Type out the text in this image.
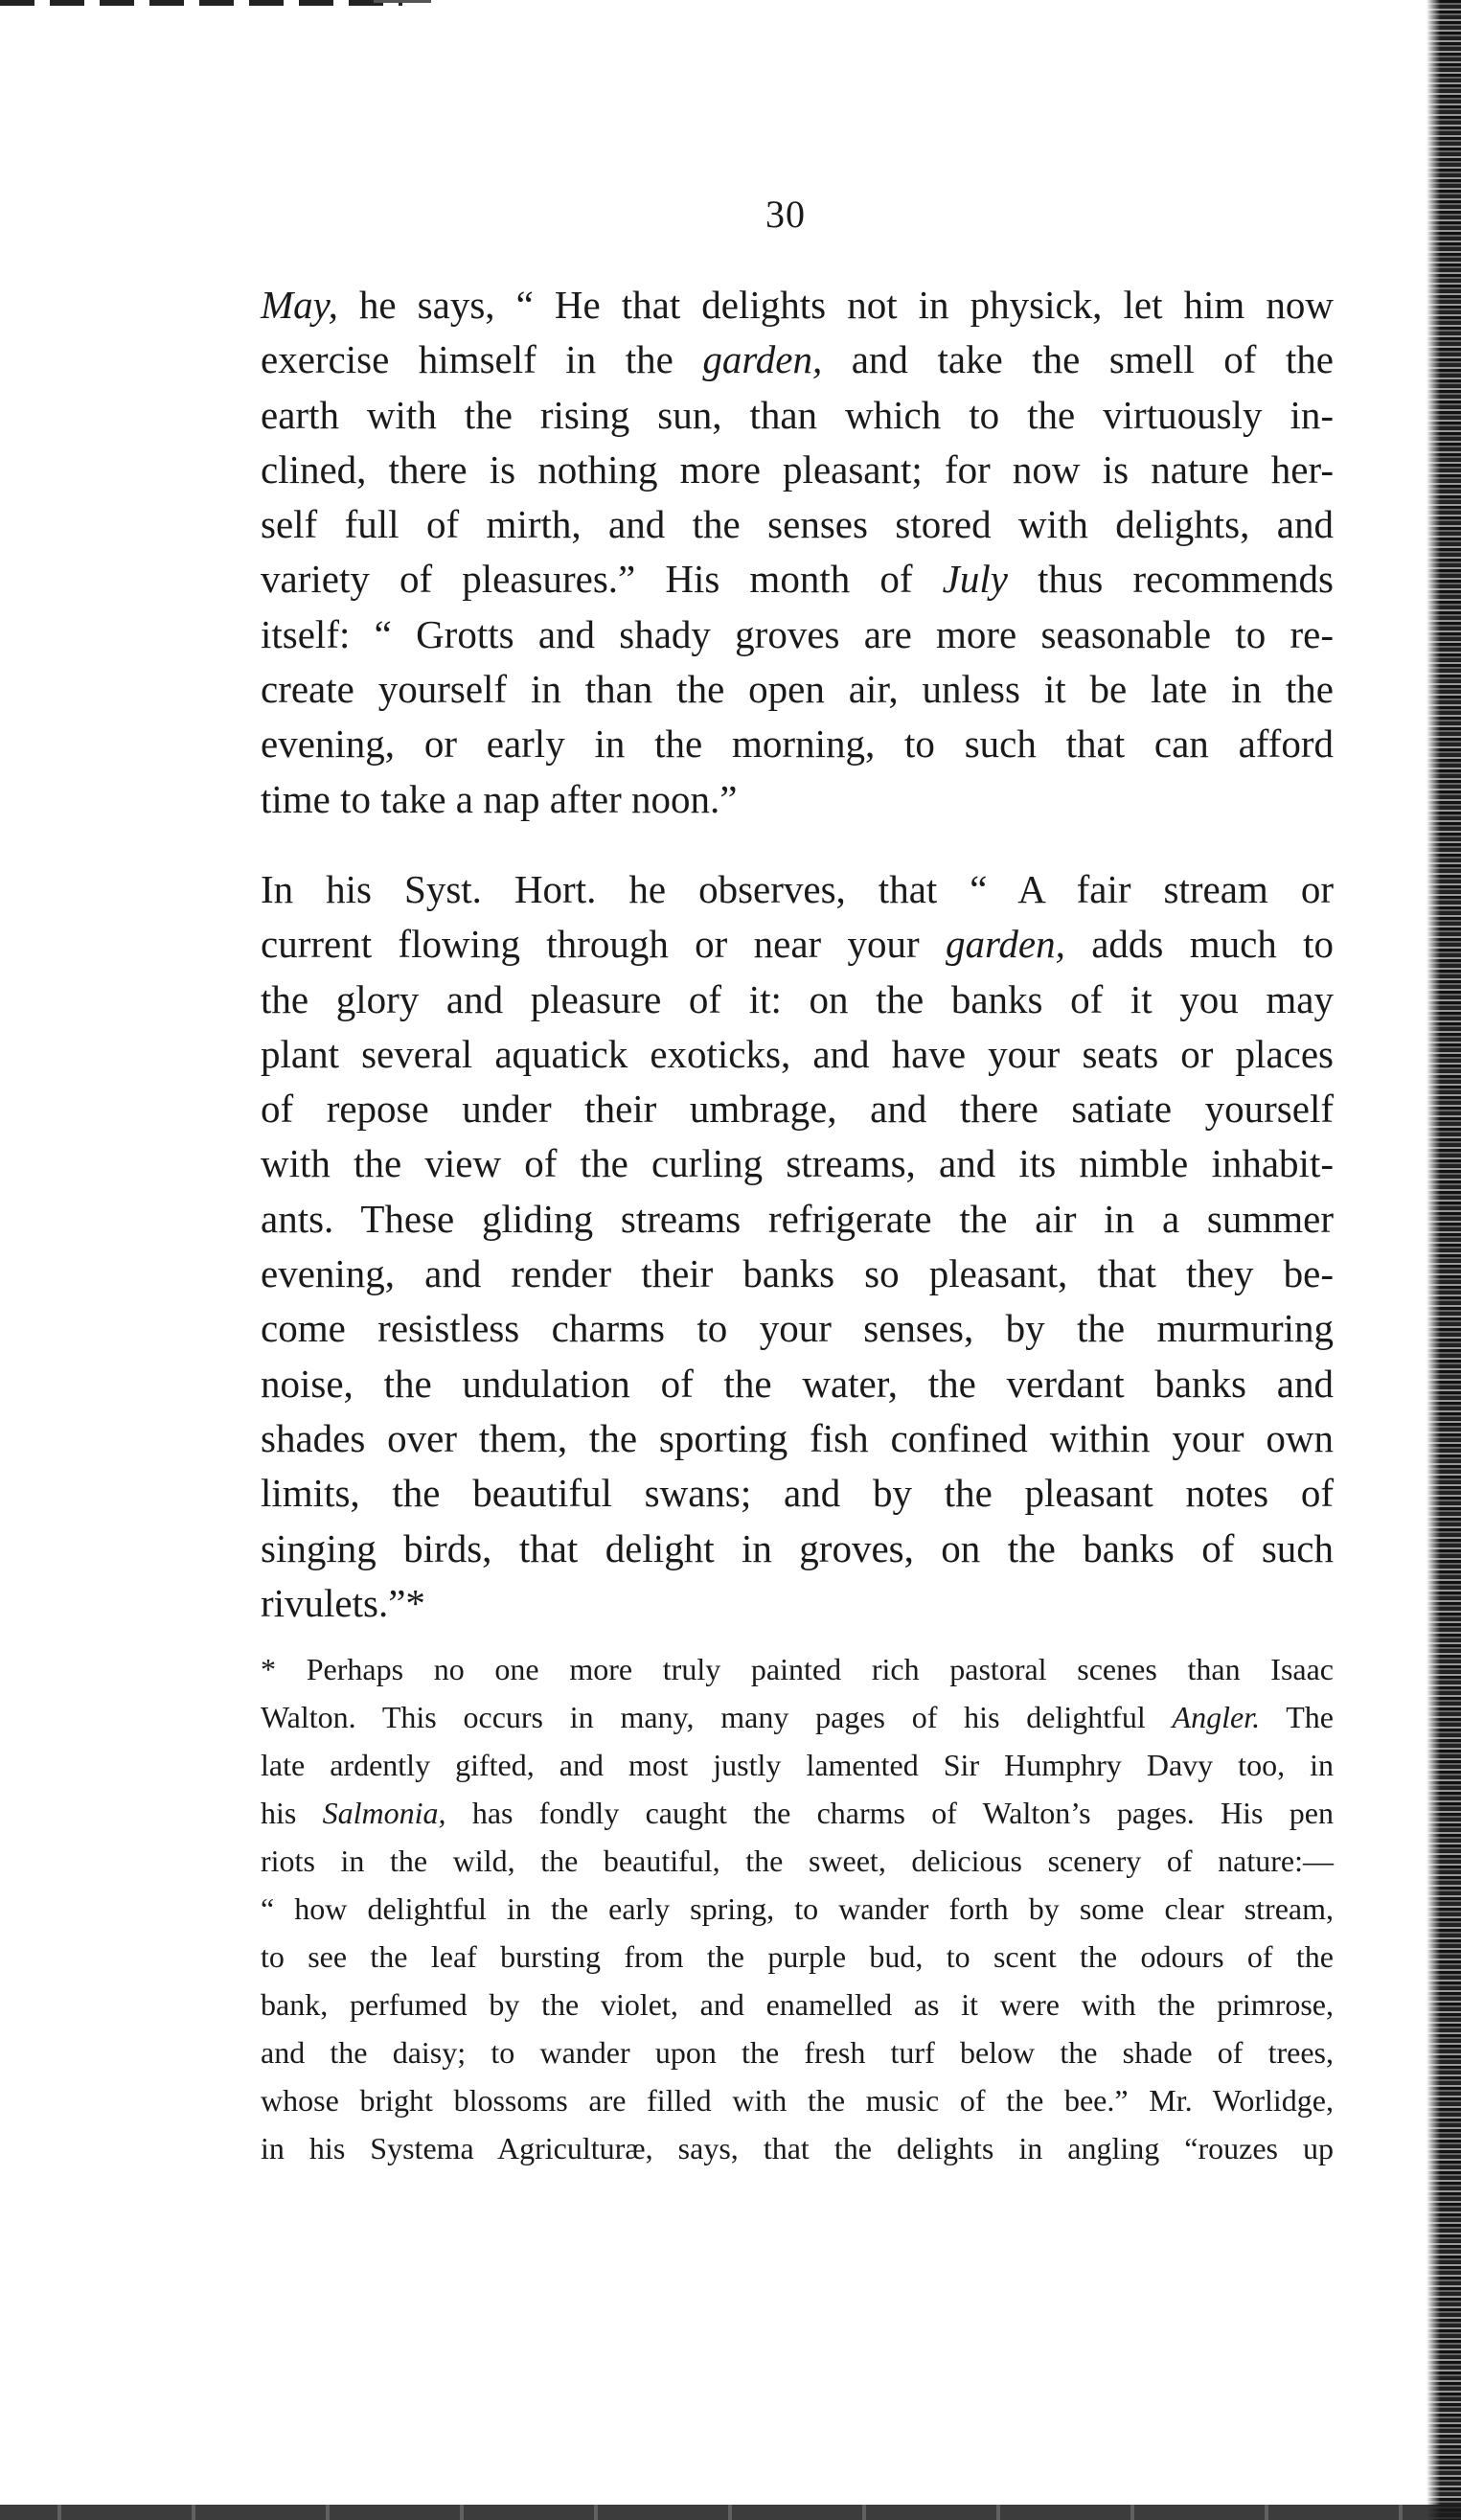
30
May, he says, “ He that delights not in physick, let him now
exercise himself in the garden, and take the smell of the
earth with the rising sun, than which to the virtuously in-
clined, there is nothing more pleasant; for now is nature her-
self full of mirth, and the senses stored with delights, and
variety of pleasures.” His month of July thus recommends
itself: “ Grotts and shady groves are more seasonable to re-
create yourself in than the open air, unless it be late in the
evening, or early in the morning, to such that can afford
time to take a nap after noon.”
In his Syst. Hort. he observes, that “ A fair stream or
current flowing through or near your garden, adds much to
the glory and pleasure of it: on the banks of it you may
plant several aquatick exoticks, and have your seats or places
of repose under their umbrage, and there satiate yourself
with the view of the curling streams, and its nimble inhabit-
ants. These gliding streams refrigerate the air in a summer
evening, and render their banks so pleasant, that they be-
come resistless charms to your senses, by the murmuring
noise, the undulation of the water, the verdant banks and
shades over them, the sporting fish confined within your own
limits, the beautiful swans; and by the pleasant notes of
singing birds, that delight in groves, on the banks of such
rivulets.”*
* Perhaps no one more truly painted rich pastoral scenes than Isaac
Walton. This occurs in many, many pages of his delightful Angler. The
late ardently gifted, and most justly lamented Sir Humphry Davy too, in
his Salmonia, has fondly caught the charms of Walton’s pages. His pen
riots in the wild, the beautiful, the sweet, delicious scenery of nature:—
“ how delightful in the early spring, to wander forth by some clear stream,
to see the leaf bursting from the purple bud, to scent the odours of the
bank, perfumed by the violet, and enamelled as it were with the primrose,
and the daisy; to wander upon the fresh turf below the shade of trees,
whose bright blossoms are filled with the music of the bee.” Mr. Worlidge,
in his Systema Agriculturæ, says, that the delights in angling “rouzes up
